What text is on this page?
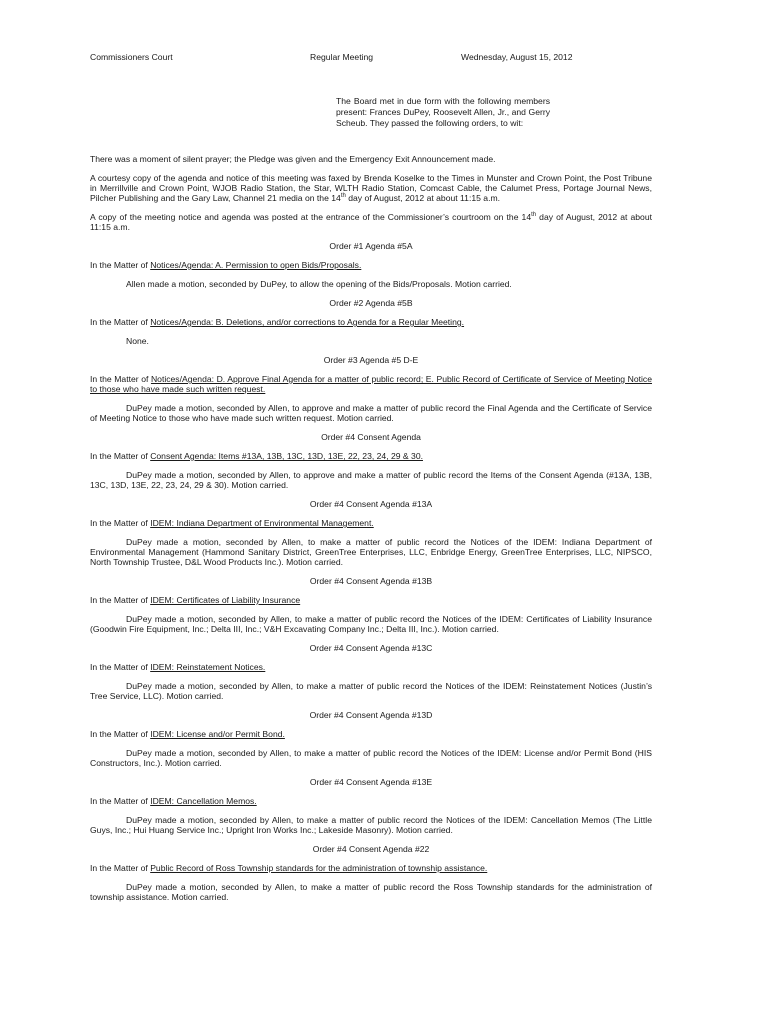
Commissioners Court	Regular Meeting	Wednesday, August 15, 2012
The Board met in due form with the following members present: Frances DuPey, Roosevelt Allen, Jr., and Gerry Scheub. They passed the following orders, to wit:

There was a moment of silent prayer; the Pledge was given and the Emergency Exit Announcement made.

A courtesy copy of the agenda and notice of this meeting was faxed by Brenda Koselke to the Times in Munster and Crown Point, the Post Tribune in Merrillville and Crown Point, WJOB Radio Station, the Star, WLTH Radio Station, Comcast Cable, the Calumet Press, Portage Journal News, Pilcher Publishing and the Gary Law, Channel 21 media on the 14th day of August, 2012 at about 11:15 a.m.

A copy of the meeting notice and agenda was posted at the entrance of the Commissioner’s courtroom on the 14th day of August, 2012 at about 11:15 a.m.

Order #1 Agenda #5A

In the Matter of Notices/Agenda: A. Permission to open Bids/Proposals.

Allen made a motion, seconded by DuPey, to allow the opening of the Bids/Proposals. Motion carried.

Order #2 Agenda #5B

In the Matter of Notices/Agenda: B. Deletions, and/or corrections to Agenda for a Regular Meeting.

None.

Order #3 Agenda #5 D-E

In the Matter of Notices/Agenda: D. Approve Final Agenda for a matter of public record; E. Public Record of Certificate of Service of Meeting Notice to those who have made such written request.

DuPey made a motion, seconded by Allen, to approve and make a matter of public record the Final Agenda and the Certificate of Service of Meeting Notice to those who have made such written request. Motion carried.

Order #4 Consent Agenda

In the Matter of Consent Agenda: Items #13A, 13B, 13C, 13D, 13E, 22, 23, 24, 29 & 30.

DuPey made a motion, seconded by Allen, to approve and make a matter of public record the Items of the Consent Agenda (#13A, 13B, 13C, 13D, 13E, 22, 23, 24, 29 & 30). Motion carried.

Order #4 Consent Agenda #13A

In the Matter of IDEM: Indiana Department of Environmental Management.

DuPey made a motion, seconded by Allen, to make a matter of public record the Notices of the IDEM: Indiana Department of Environmental Management (Hammond Sanitary District, GreenTree Enterprises, LLC, Enbridge Energy, GreenTree Enterprises, LLC, NIPSCO, North Township Trustee, D&L Wood Products Inc.). Motion carried.

Order #4 Consent Agenda #13B

In the Matter of IDEM: Certificates of Liability Insurance

DuPey made a motion, seconded by Allen, to make a matter of public record the Notices of the IDEM: Certificates of Liability Insurance (Goodwin Fire Equipment, Inc.; Delta III, Inc.; V&H Excavating Company Inc.; Delta III, Inc.). Motion carried.

Order #4 Consent Agenda #13C

In the Matter of IDEM: Reinstatement Notices.

DuPey made a motion, seconded by Allen, to make a matter of public record the Notices of the IDEM: Reinstatement Notices (Justin’s Tree Service, LLC). Motion carried.

Order #4 Consent Agenda #13D

In the Matter of IDEM: License and/or Permit Bond.

DuPey made a motion, seconded by Allen, to make a matter of public record the Notices of the IDEM: License and/or Permit Bond (HIS Constructors, Inc.). Motion carried.

Order #4 Consent Agenda #13E

In the Matter of IDEM: Cancellation Memos.

DuPey made a motion, seconded by Allen, to make a matter of public record the Notices of the IDEM: Cancellation Memos (The Little Guys, Inc.; Hui Huang Service Inc.; Upright Iron Works Inc.; Lakeside Masonry). Motion carried.

Order #4 Consent Agenda #22

In the Matter of Public Record of Ross Township standards for the administration of township assistance.

DuPey made a motion, seconded by Allen, to make a matter of public record the Ross Township standards for the administration of township assistance. Motion carried.
